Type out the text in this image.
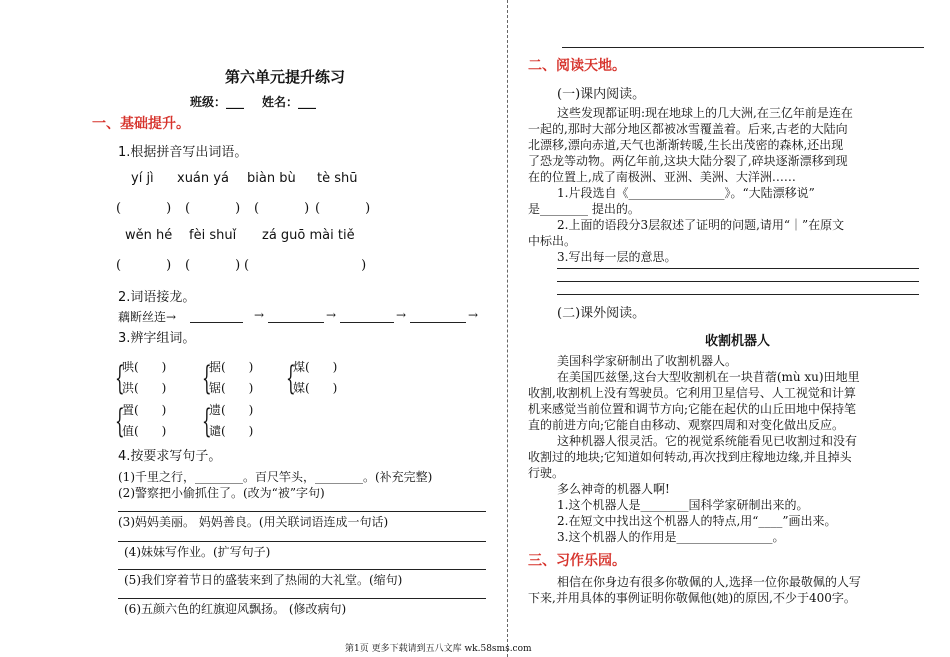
第六单元提升练习
班级：___ 姓名：___
一、基础提升。
1.根据拼音写出词语。
yí jì xuán yá biàn bù tè shū
(	) (	) (	) (	)
wěn hé fèi shuǐ zá guō mài tiě
(	) (	) (	)
2.词语接龙。
藕断丝连→	→	→	→	→
3.辨字组词。
{
哄(      )
洪(      ) {
据(      )
锯(      ) {
煤(      )
媒(      )
{
置(      )
值(      ) {
遗(      )
谴(      )
4.按要求写句子。
(1)千里之行，________。百尺竿头，________。(补充完整)
(2)警察把小偷抓住了。(改为“被”字句)
(3)妈妈美丽。 妈妈善良。(用关联词语连成一句话)
(4)妹妹写作业。(扩写句子)
(5)我们穿着节日的盛装来到了热闹的大礼堂。(缩句)
(6)五颜六色的红旗迎风飘扬。 (修改病句)
二、阅读天地。
(一)课内阅读。
这些发现都证明:现在地球上的几大洲,在三亿年前是连在
一起的,那时大部分地区都被冰雪覆盖着。后来,古老的大陆向
北漂移,漂向赤道,天气也渐渐转暖,生长出茂密的森林,还出现
了恐龙等动物。两亿年前,这块大陆分裂了,碎块逐渐漂移到现
在的位置上,成了南极洲、亚洲、美洲、大洋洲……
1.片段选自《________________》。“大陆漂移说”
是________ 提出的。
2.上面的语段分3层叙述了证明的问题,请用“｜”在原文
中标出。
3.写出每一层的意思。
(二)课外阅读。
收割机器人
美国科学家研制出了收割机器人。
在美国匹兹堡,这台大型收割机在一块苜蓿(mù xu)田地里
收割,收割机上没有驾驶员。它利用卫星信号、人工视觉和计算
机来感觉当前位置和调节方向;它能在起伏的山丘田地中保持笔
直的前进方向;它能自由移动、观察四周和对变化做出反应。
这种机器人很灵活。它的视觉系统能看见已收割过和没有
收割过的地块;它知道如何转动,再次找到庄稼地边缘,并且掉头
行驶。
多么神奇的机器人啊!
1.这个机器人是________国科学家研制出来的。
2.在短文中找出这个机器人的特点,用“____”画出来。
3.这个机器人的作用是________________。
三、习作乐园。
相信在你身边有很多你敬佩的人,选择一位你最敬佩的人写
下来,并用具体的事例证明你敬佩他(她)的原因,不少于400字。
第1页 更多下载请到五八文库 wk.58sms.com
